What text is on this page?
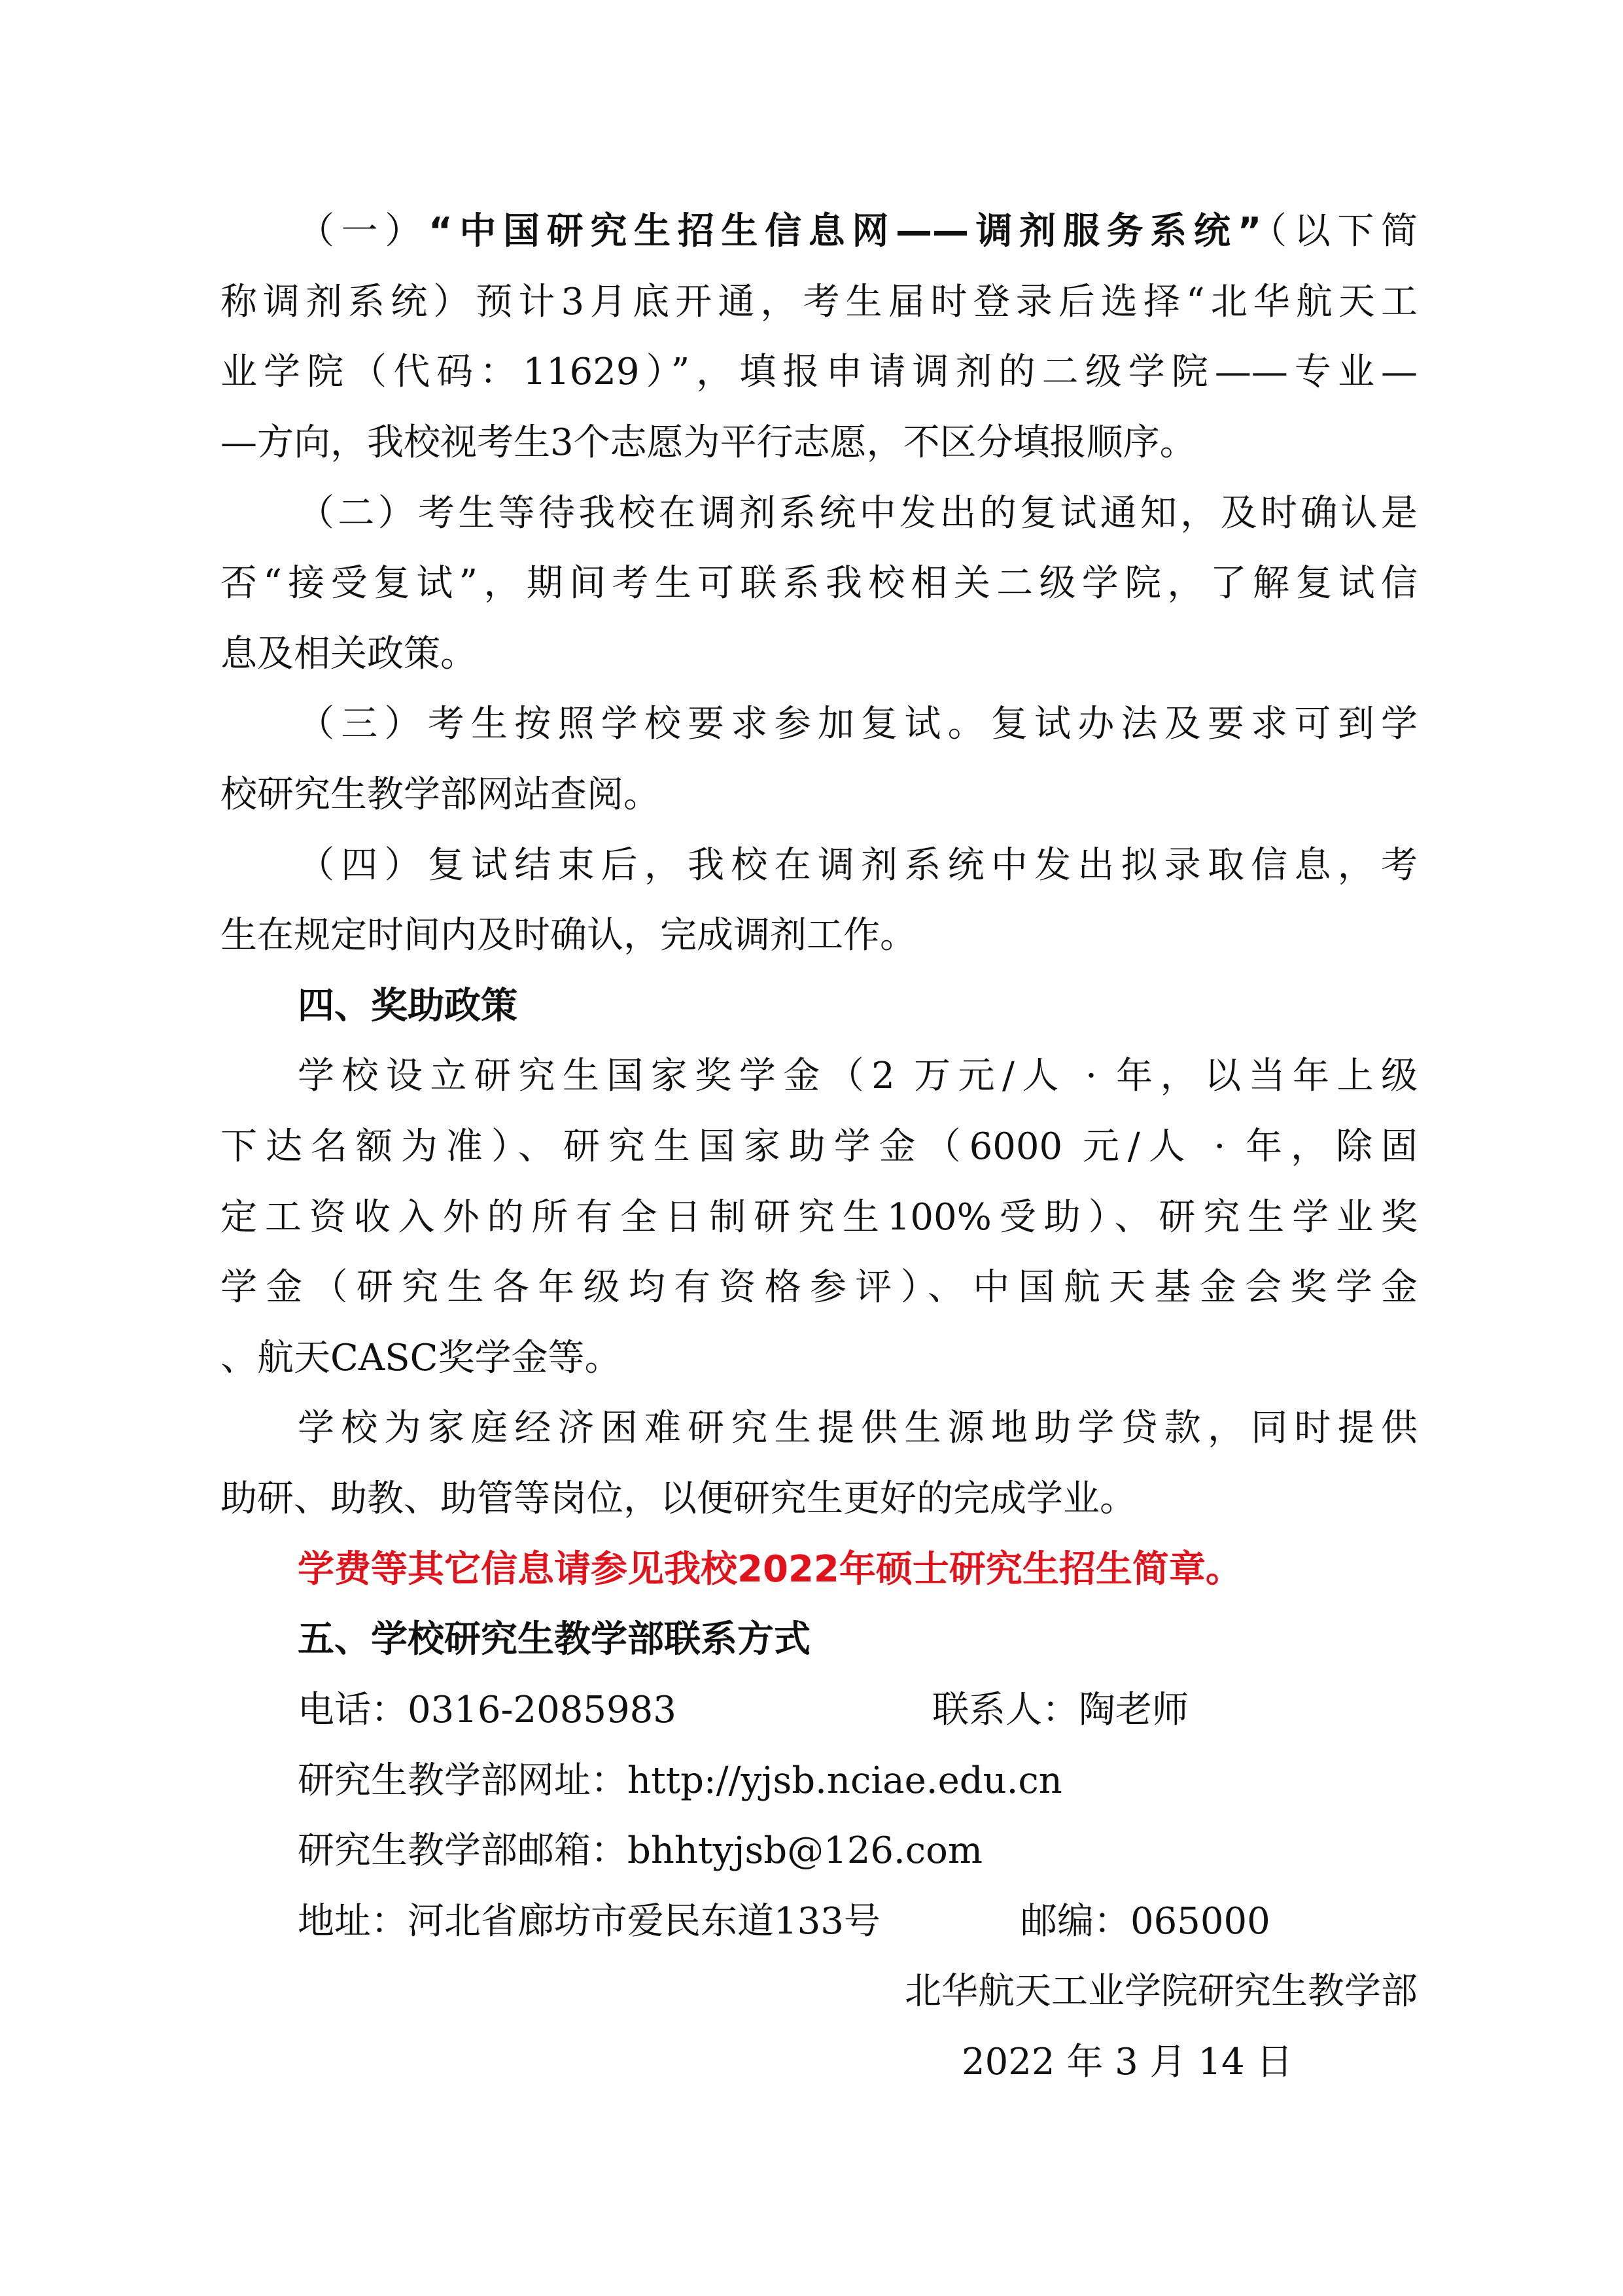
（一）“中国研究生招生信息网——调剂服务系统”（以下简
称调剂系统）预计3月底开通，考生届时登录后选择“北华航天工
业学院（代码：11629）”，填报申请调剂的二级学院——专业—
—方向，我校视考生3个志愿为平行志愿，不区分填报顺序。
（二）考生等待我校在调剂系统中发出的复试通知，及时确认是
否“接受复试”，期间考生可联系我校相关二级学院，了解复试信
息及相关政策。
（三）考生按照学校要求参加复试。复试办法及要求可到学
校研究生教学部网站查阅。
（四）复试结束后，我校在调剂系统中发出拟录取信息，考
生在规定时间内及时确认，完成调剂工作。
四、奖助政策
学校设立研究生国家奖学金（2 万元/人 · 年，以当年上级
下达名额为准）、研究生国家助学金（6000 元/人 · 年，除固
定工资收入外的所有全日制研究生100%受助）、研究生学业奖
学金（研究生各年级均有资格参评）、中国航天基金会奖学金
、航天CASC奖学金等。
学校为家庭经济困难研究生提供生源地助学贷款，同时提供
助研、助教、助管等岗位，以便研究生更好的完成学业。
学费等其它信息请参见我校2022年硕士研究生招生简章。
五、学校研究生教学部联系方式
电话：0316-2085983	联系人：陶老师
研究生教学部网址：http://yjsb.nciae.edu.cn
研究生教学部邮箱：bhhtyjsb@126.com
地址：河北省廊坊市爱民东道133号	邮编：065000
北华航天工业学院研究生教学部
2022 年 3 月 14 日
